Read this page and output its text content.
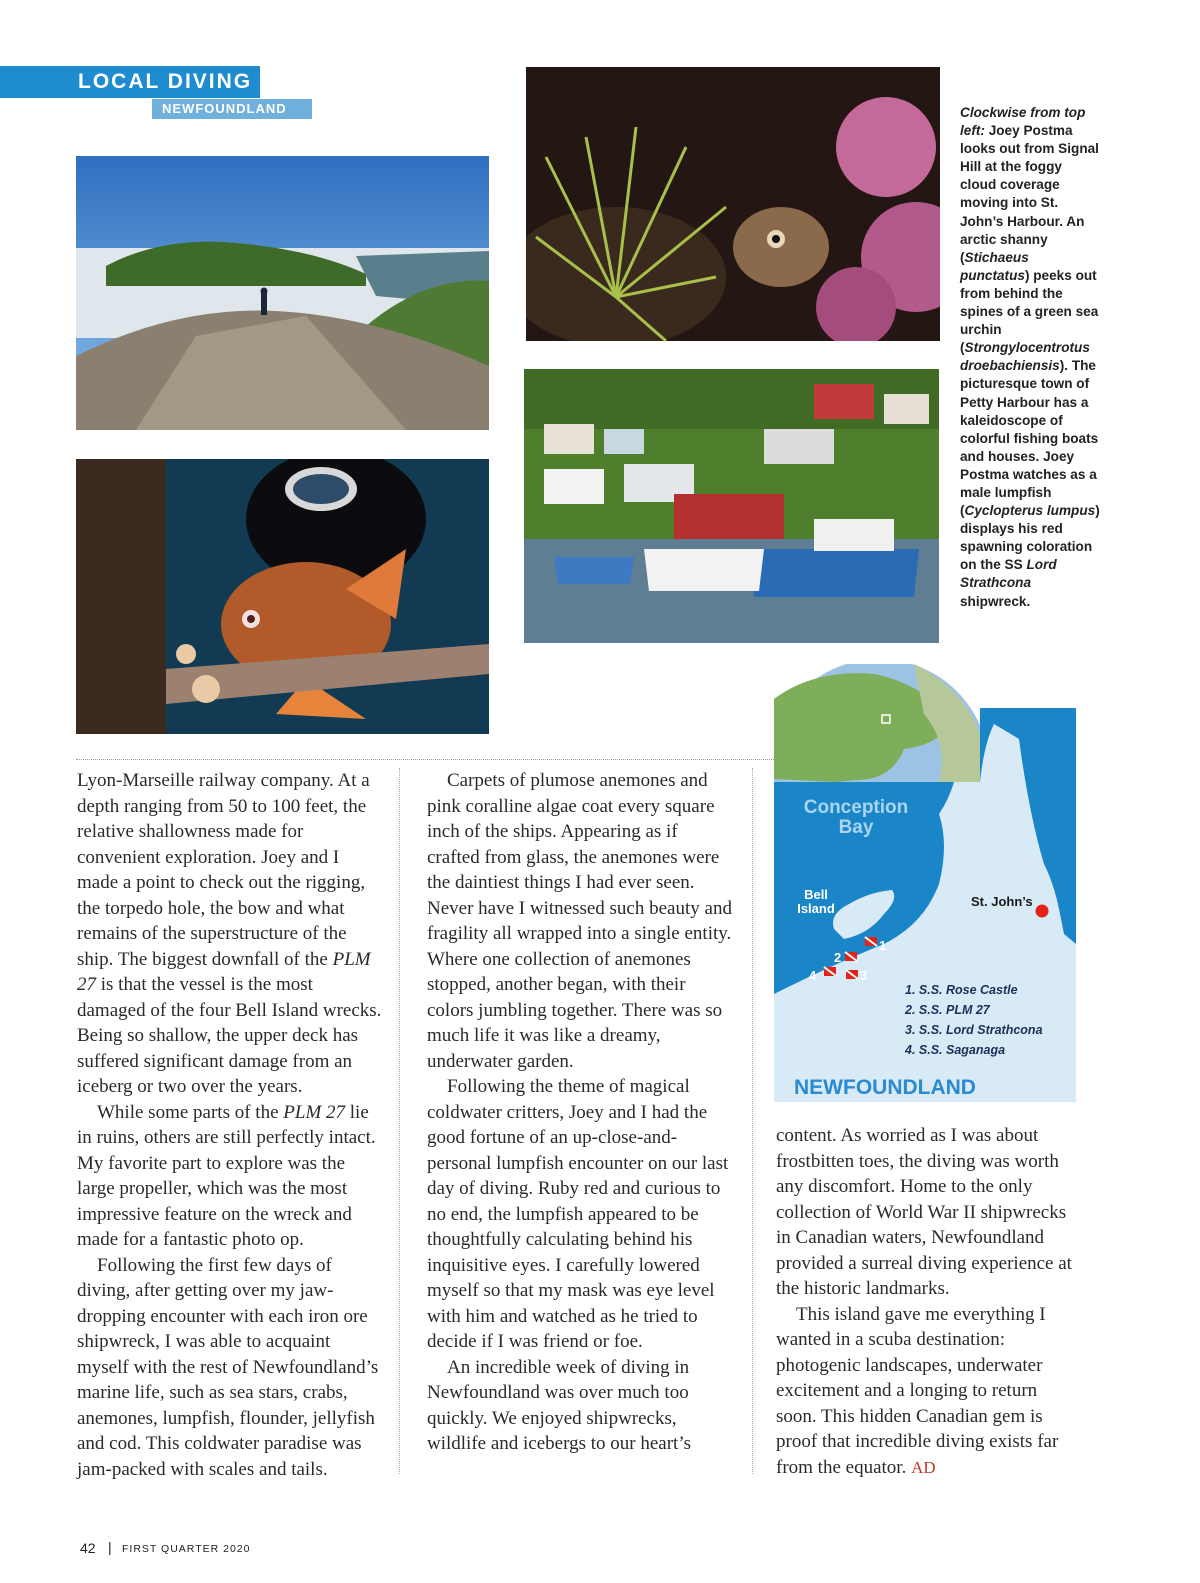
LOCAL DIVING
NEWFOUNDLAND	Clockwise from top left: Joey Postma looks out from Signal Hill at the foggy cloud coverage moving into St. John’s Harbour. An arctic shanny (Stichaeus punctatus) peeks out from behind the spines of a green sea urchin (Strongylocentrotus droebachiensis). The picturesque town of Petty Harbour has a kaleidoscope of colorful fishing boats and houses. Joey Postma watches as a male lumpfish (Cyclopterus lumpus) displays his red spawning coloration on the SS Lord Strathcona shipwreck.

Lyon-Marseille railway company. At a depth ranging from 50 to 100 feet, the relative shallowness made for convenient exploration. Joey and I made a point to check out the rigging, the torpedo hole, the bow and what remains of the superstructure of the ship. The biggest downfall of the PLM 27 is that the vessel is the most damaged of the four Bell Island wrecks. Being so shallow, the upper deck has suffered significant damage from an iceberg or two over the years.

While some parts of the PLM 27 lie in ruins, others are still perfectly intact. My favorite part to explore was the large propeller, which was the most impressive feature on the wreck and made for a fantastic photo op.

Following the first few days of diving, after getting over my jaw-dropping encounter with each iron ore shipwreck, I was able to acquaint myself with the rest of Newfoundland’s marine life, such as sea stars, crabs, anemones, lumpfish, flounder, jellyfish and cod. This coldwater paradise was jam-packed with scales and tails.

Carpets of plumose anemones and pink coralline algae coat every square inch of the ships. Appearing as if crafted from glass, the anemones were the daintiest things I had ever seen. Never have I witnessed such beauty and fragility all wrapped into a single entity. Where one collection of anemones stopped, another began, with their colors jumbling together. There was so much life it was like a dreamy, underwater garden.

Following the theme of magical coldwater critters, Joey and I had the good fortune of an up-close-and-personal lumpfish encounter on our last day of diving. Ruby red and curious to no end, the lumpfish appeared to be thoughtfully calculating behind his inquisitive eyes. I carefully lowered myself so that my mask was eye level with him and watched as he tried to decide if I was friend or foe.

An incredible week of diving in Newfoundland was over much too quickly. We enjoyed shipwrecks, wildlife and icebergs to our heart’s

Conception
Bay
Bell
Island	St. John’s
1
2
3
4
1. S.S. Rose Castle
2. S.S. PLM 27
3. S.S. Lord Strathcona
4. S.S. Saganaga
NEWFOUNDLAND

content. As worried as I was about frostbitten toes, the diving was worth any discomfort. Home to the only collection of World War II shipwrecks in Canadian waters, Newfoundland provided a surreal diving experience at the historic landmarks.

This island gave me everything I wanted in a scuba destination: photogenic landscapes, underwater excitement and a longing to return soon. This hidden Canadian gem is proof that incredible diving exists far from the equator. AD

42 | FIRST QUARTER 2020
